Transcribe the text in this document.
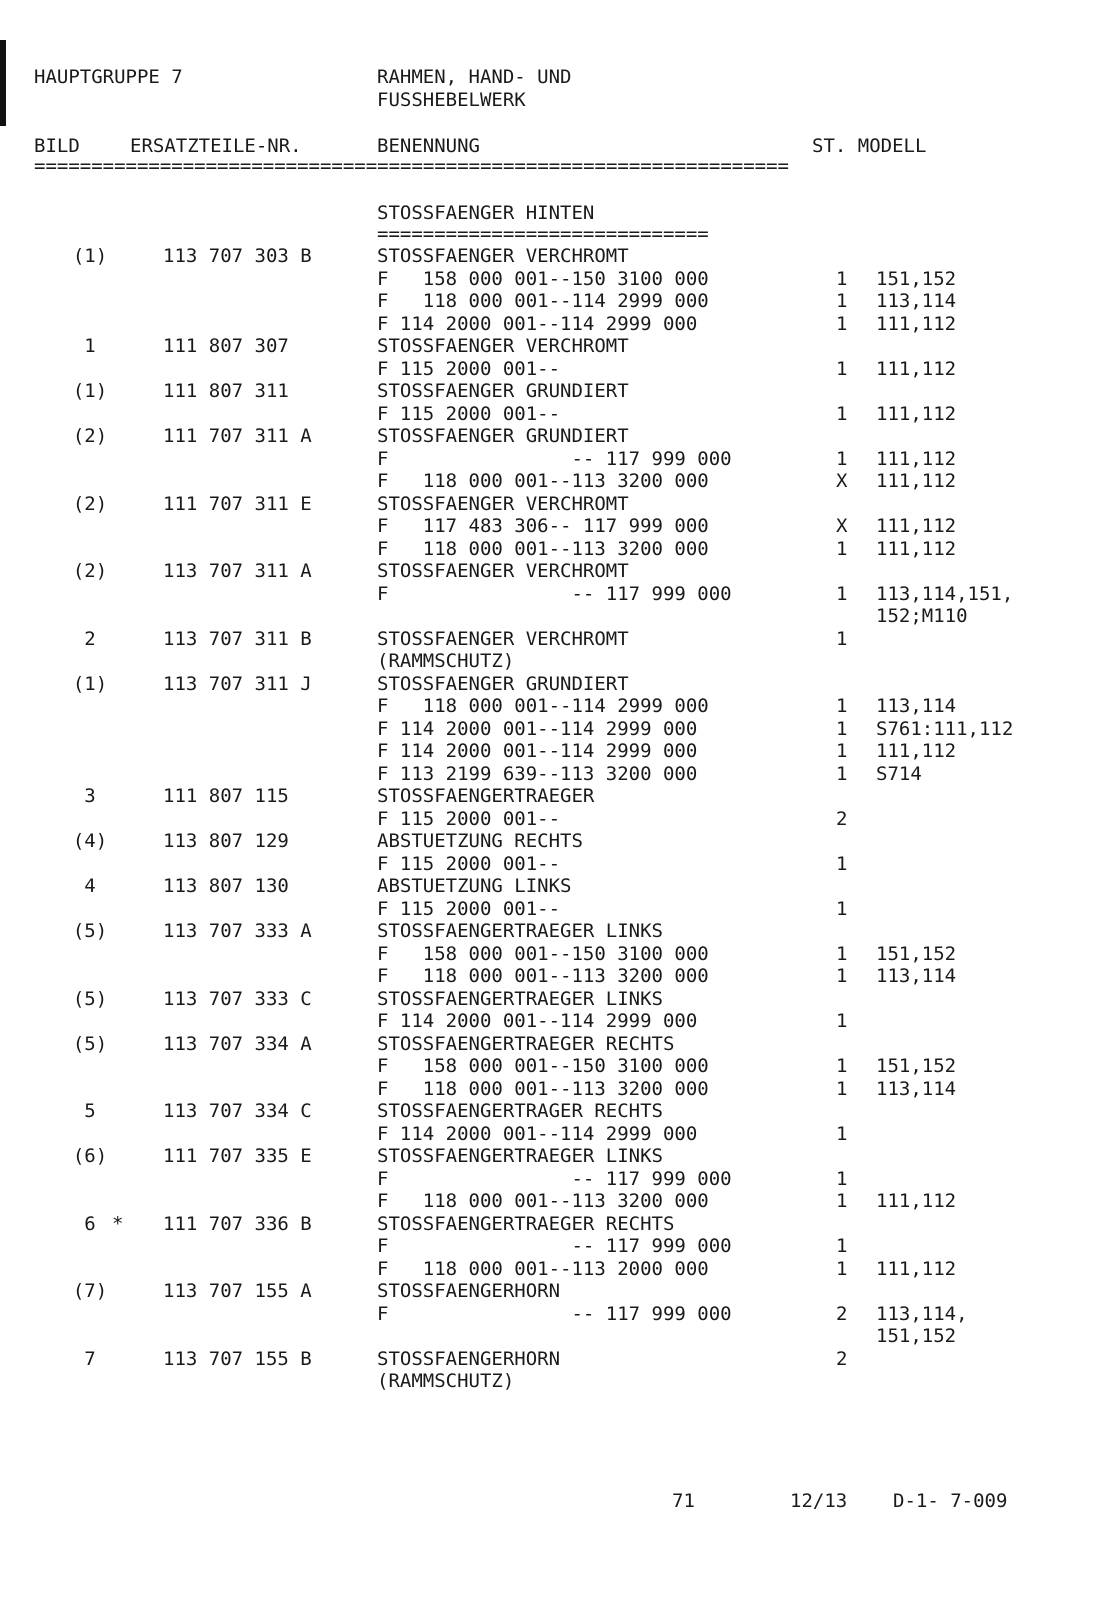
HAUPTGRUPPE 7	RAHMEN, HAND- UND
FUSSHEBELWERK
BILD	ERSATZTEILE-NR.	BENENNUNG	ST. MODELL
==================================================================
STOSSFAENGER HINTEN
=============================
(1)	113 707 303 B	STOSSFAENGER VERCHROMT
F   158 000 001--150 3100 000	1 151,152
F   118 000 001--114 2999 000	1 113,114
F 114 2000 001--114 2999 000	1 111,112
1	111 807 307	STOSSFAENGER VERCHROMT
F 115 2000 001--	1 111,112
(1)	111 807 311	STOSSFAENGER GRUNDIERT
F 115 2000 001--	1 111,112
(2)	111 707 311 A	STOSSFAENGER GRUNDIERT
F                -- 117 999 000	1 111,112
F   118 000 001--113 3200 000	X 111,112
(2)	111 707 311 E	STOSSFAENGER VERCHROMT
F   117 483 306-- 117 999 000	X 111,112
F   118 000 001--113 3200 000	1 111,112
(2)	113 707 311 A	STOSSFAENGER VERCHROMT
F                -- 117 999 000	1 113,114,151,
152;M110
2	113 707 311 B	STOSSFAENGER VERCHROMT	1
(RAMMSCHUTZ)
(1)	113 707 311 J	STOSSFAENGER GRUNDIERT
F   118 000 001--114 2999 000	1 113,114
F 114 2000 001--114 2999 000	1 S761:111,112
F 114 2000 001--114 2999 000	1 111,112
F 113 2199 639--113 3200 000	1 S714
3	111 807 115	STOSSFAENGERTRAEGER
F 115 2000 001--	2
(4)	113 807 129	ABSTUETZUNG RECHTS
F 115 2000 001--	1
4	113 807 130	ABSTUETZUNG LINKS
F 115 2000 001--	1
(5)	113 707 333 A	STOSSFAENGERTRAEGER LINKS
F   158 000 001--150 3100 000	1 151,152
F   118 000 001--113 3200 000	1 113,114
(5)	113 707 333 C	STOSSFAENGERTRAEGER LINKS
F 114 2000 001--114 2999 000	1
(5)	113 707 334 A	STOSSFAENGERTRAEGER RECHTS
F   158 000 001--150 3100 000	1 151,152
F   118 000 001--113 3200 000	1 113,114
5	113 707 334 C	STOSSFAENGERTRAGER RECHTS
F 114 2000 001--114 2999 000	1
(6)	111 707 335 E	STOSSFAENGERTRAEGER LINKS
F                -- 117 999 000	1
F   118 000 001--113 3200 000	1 111,112
6 * 111 707 336 B	STOSSFAENGERTRAEGER RECHTS
F                -- 117 999 000	1
F   118 000 001--113 2000 000	1 111,112
(7)	113 707 155 A	STOSSFAENGERHORN
F                -- 117 999 000	2 113,114,
151,152
7	113 707 155 B	STOSSFAENGERHORN	2
(RAMMSCHUTZ)
71	12/13 D-1- 7-009
